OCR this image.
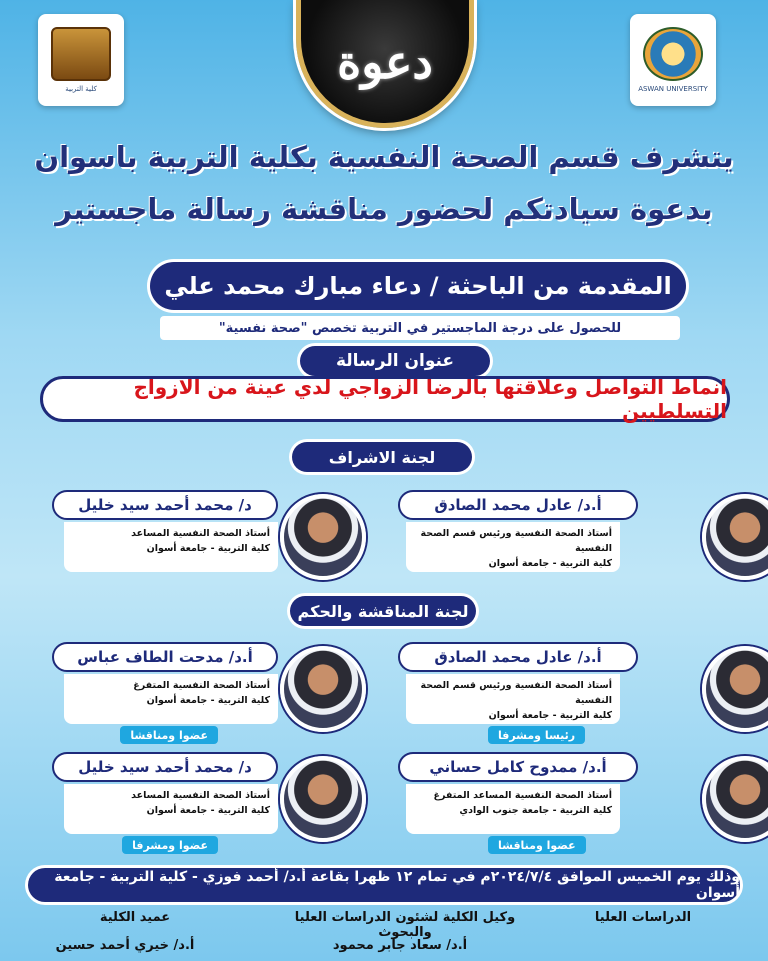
كلية التربية	ASWAN UNIVERSITY
دعوة
يتشرف قسم الصحة النفسية بكلية التربية باسوان
بدعوة سيادتكم لحضور مناقشة رسالة ماجستير
المقدمة من الباحثة / دعاء مبارك محمد علي
للحصول على درجة الماجستير في التربية تخصص "صحة نفسية"
عنوان الرسالة
انماط التواصل وعلاقتها بالرضا الزواجي لدي عينة من الازواج التسلطيين
لجنة الاشراف
أ.د/ عادل محمد الصادق
أستاذ الصحة النفسية ورئيس قسم الصحة النفسية
كلية التربية - جامعة أسوان
د/ محمد أحمد سيد خليل
أستاذ الصحة النفسية المساعد
كلية التربية - جامعة أسوان
لجنة المناقشة والحكم
أ.د/ عادل محمد الصادق
أستاذ الصحة النفسية ورئيس قسم الصحة النفسية
كلية التربية - جامعة أسوان
رئيسا ومشرفا
أ.د/ مدحت الطاف عباس
أستاذ الصحة النفسية المتفرغ
كلية التربية - جامعة أسوان
عضوا ومناقشا
أ.د/ ممدوح كامل حساني
أستاذ الصحة النفسية المساعد المتفرغ
كلية التربية - جامعة جنوب الوادي
عضوا ومناقشا
د/ محمد أحمد سيد خليل
أستاذ الصحة النفسية المساعد
كلية التربية - جامعة أسوان
عضوا ومشرفا
وذلك يوم الخميس الموافق ٢٠٢٤/٧/٤م في تمام ١٢ ظهرا بقاعة أ.د/ أحمد فوزي - كلية التربية - جامعة أسوان
الدراسات العليا
وكيل الكلية لشئون الدراسات العليا والبحوث
عميد الكلية
أ.د/ سعاد جابر محمود
أ.د/ خيري أحمد حسين
